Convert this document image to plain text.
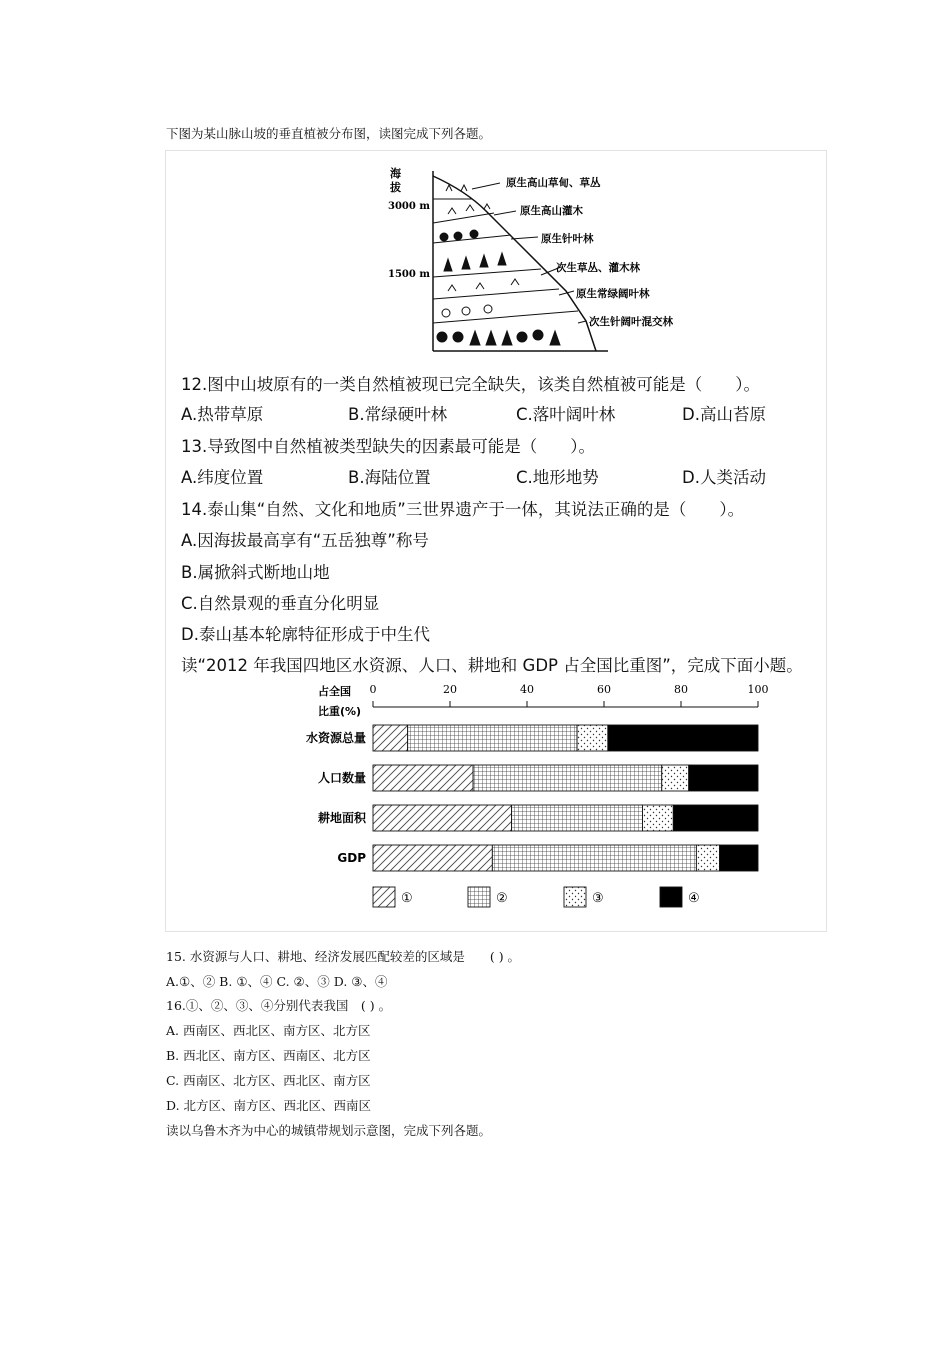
下图为某山脉山坡的垂直植被分布图，读图完成下列各题。
海
拔
3000 m
1500 m
原生高山草甸、草丛
原生高山灌木
原生针叶林
次生草丛、灌木林
原生常绿阔叶林
次生针阔叶混交林
12.图中山坡原有的一类自然植被现已完全缺失，该类自然植被可能是（　　）。
A.热带草原	B.常绿硬叶林	C.落叶阔叶林	D.高山苔原
13.导致图中自然植被类型缺失的因素最可能是（　　）。
A.纬度位置	B.海陆位置	C.地形地势	D.人类活动
14.泰山集“自然、文化和地质”三世界遗产于一体，其说法正确的是（　　）。
A.因海拔最高享有“五岳独尊”称号
B.属掀斜式断地山地
C.自然景观的垂直分化明显
D.泰山基本轮廓特征形成于中生代
读“2012 年我国四地区水资源、人口、耕地和 GDP 占全国比重图”，完成下面小题。
占全国
比重(%)
0	20	40	60	80	100
水资源总量
人口数量
耕地面积
GDP
①	②	③	④
15. 水资源与人口、耕地、经济发展匹配较差的区域是　　( ) 。
A.①、② B. ①、④ C. ②、③ D. ③、④
16.①、②、③、④分别代表我国　( ) 。
A. 西南区、西北区、南方区、北方区
B. 西北区、南方区、西南区、北方区
C. 西南区、北方区、西北区、南方区
D. 北方区、南方区、西北区、西南区
读以乌鲁木齐为中心的城镇带规划示意图，完成下列各题。
